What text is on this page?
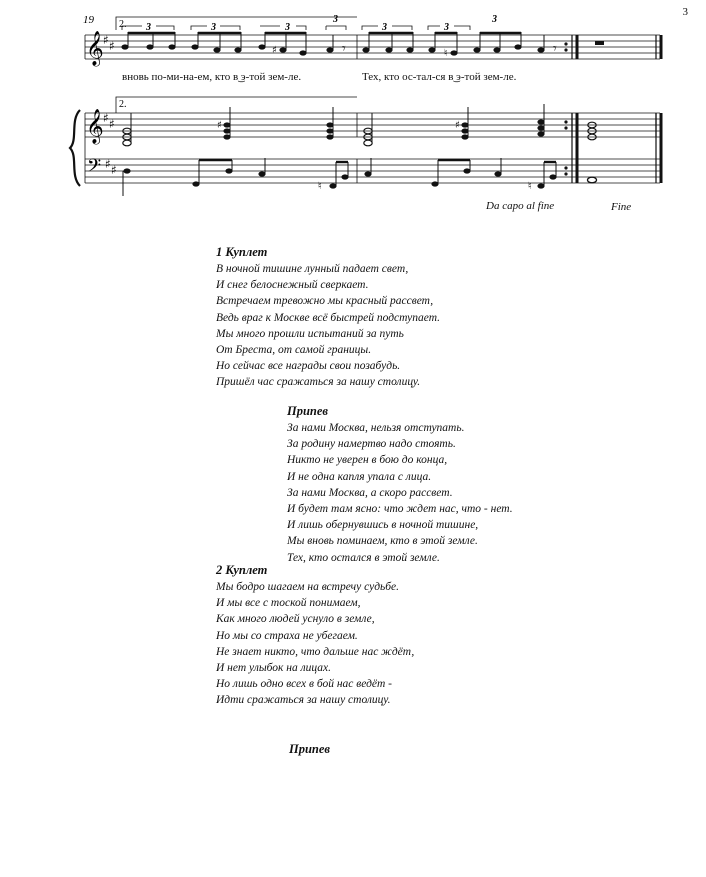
3
19
𝄞 ♯ ♯
2.
2.
3	3	3
3
3	3
3
♯	♮
𝄾	𝄾
𝄞 ♯ ♯
𝄢 ♯ ♯
♯	♯
♮	♮
вновь по-ми-на-ем, кто в͜ э-той зем-ле.	Тех, кто ос-тал-ся в͜ э-той зем-ле.
Da capo al fine	Fine
1 Куплет
В ночной тишине лунный падает свет,
И снег белоснежный сверкает.
Встречаем тревожно мы красный рассвет,
Ведь враг к Москве всё быстрей подступает.
Мы много прошли испытаний за путь
От Бреста, от самой границы.
Но сейчас все награды свои позабудь.
Пришёл час сражаться за нашу столицу.
Припев
За нами Москва, нельзя отступать.
За родину намертво надо стоять.
Никто не уверен в бою до конца,
И не одна капля упала с лица.
За нами Москва, а скоро рассвет.
И будет там ясно: что ждет нас, что - нет.
И лишь обернувшись в ночной тишине,
Мы вновь поминаем, кто в этой земле.
Тех, кто остался в этой земле.
2 Куплет
Мы бодро шагаем на встречу судьбе.
И мы все с тоской понимаем,
Как много людей уснуло в земле,
Но мы со страха не убегаем.
Не знает никто, что дальше нас ждёт,
И нет улыбок на лицах.
Но лишь одно всех в бой нас ведёт -
Идти сражаться за нашу столицу.
Припев
